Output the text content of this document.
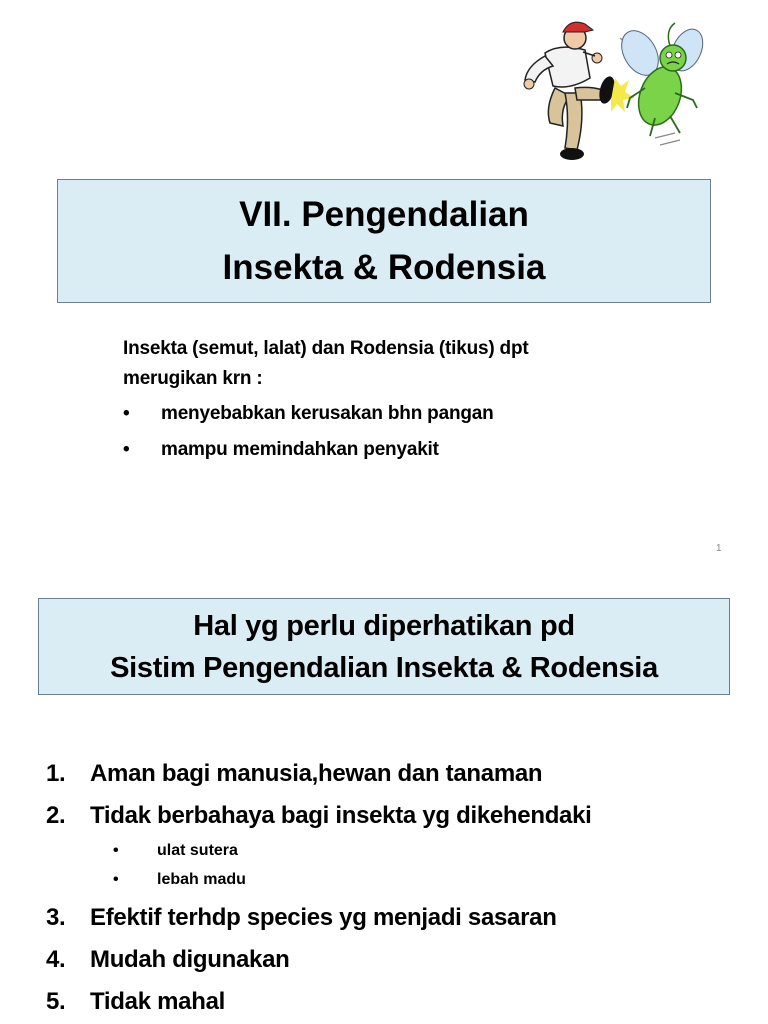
VII. Pengendalian
Insekta & Rodensia
Insekta (semut, lalat) dan Rodensia (tikus) dpt
merugikan krn :
• menyebabkan kerusakan bhn pangan
• mampu memindahkan penyakit
1
Hal yg perlu diperhatikan pd
Sistim Pengendalian Insekta & Rodensia
1. Aman bagi manusia,hewan dan tanaman
2. Tidak berbahaya bagi insekta yg dikehendaki
• ulat sutera
• lebah madu
3. Efektif terhdp species yg menjadi sasaran
4. Mudah digunakan
5. Tidak mahal
